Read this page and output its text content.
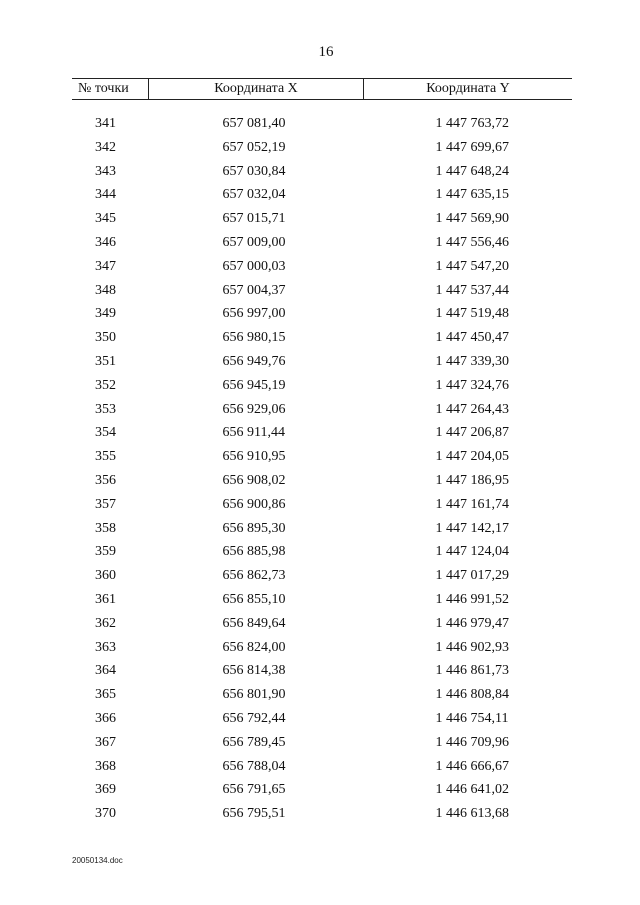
16
№ точки	Координата X	Координата Y

341	657 081,40	1 447 763,72
342	657 052,19	1 447 699,67
343	657 030,84	1 447 648,24
344	657 032,04	1 447 635,15
345	657 015,71	1 447 569,90
346	657 009,00	1 447 556,46
347	657 000,03	1 447 547,20
348	657 004,37	1 447 537,44
349	656 997,00	1 447 519,48
350	656 980,15	1 447 450,47
351	656 949,76	1 447 339,30
352	656 945,19	1 447 324,76
353	656 929,06	1 447 264,43
354	656 911,44	1 447 206,87
355	656 910,95	1 447 204,05
356	656 908,02	1 447 186,95
357	656 900,86	1 447 161,74
358	656 895,30	1 447 142,17
359	656 885,98	1 447 124,04
360	656 862,73	1 447 017,29
361	656 855,10	1 446 991,52
362	656 849,64	1 446 979,47
363	656 824,00	1 446 902,93
364	656 814,38	1 446 861,73
365	656 801,90	1 446 808,84
366	656 792,44	1 446 754,11
367	656 789,45	1 446 709,96
368	656 788,04	1 446 666,67
369	656 791,65	1 446 641,02
370	656 795,51	1 446 613,68
20050134.doc
